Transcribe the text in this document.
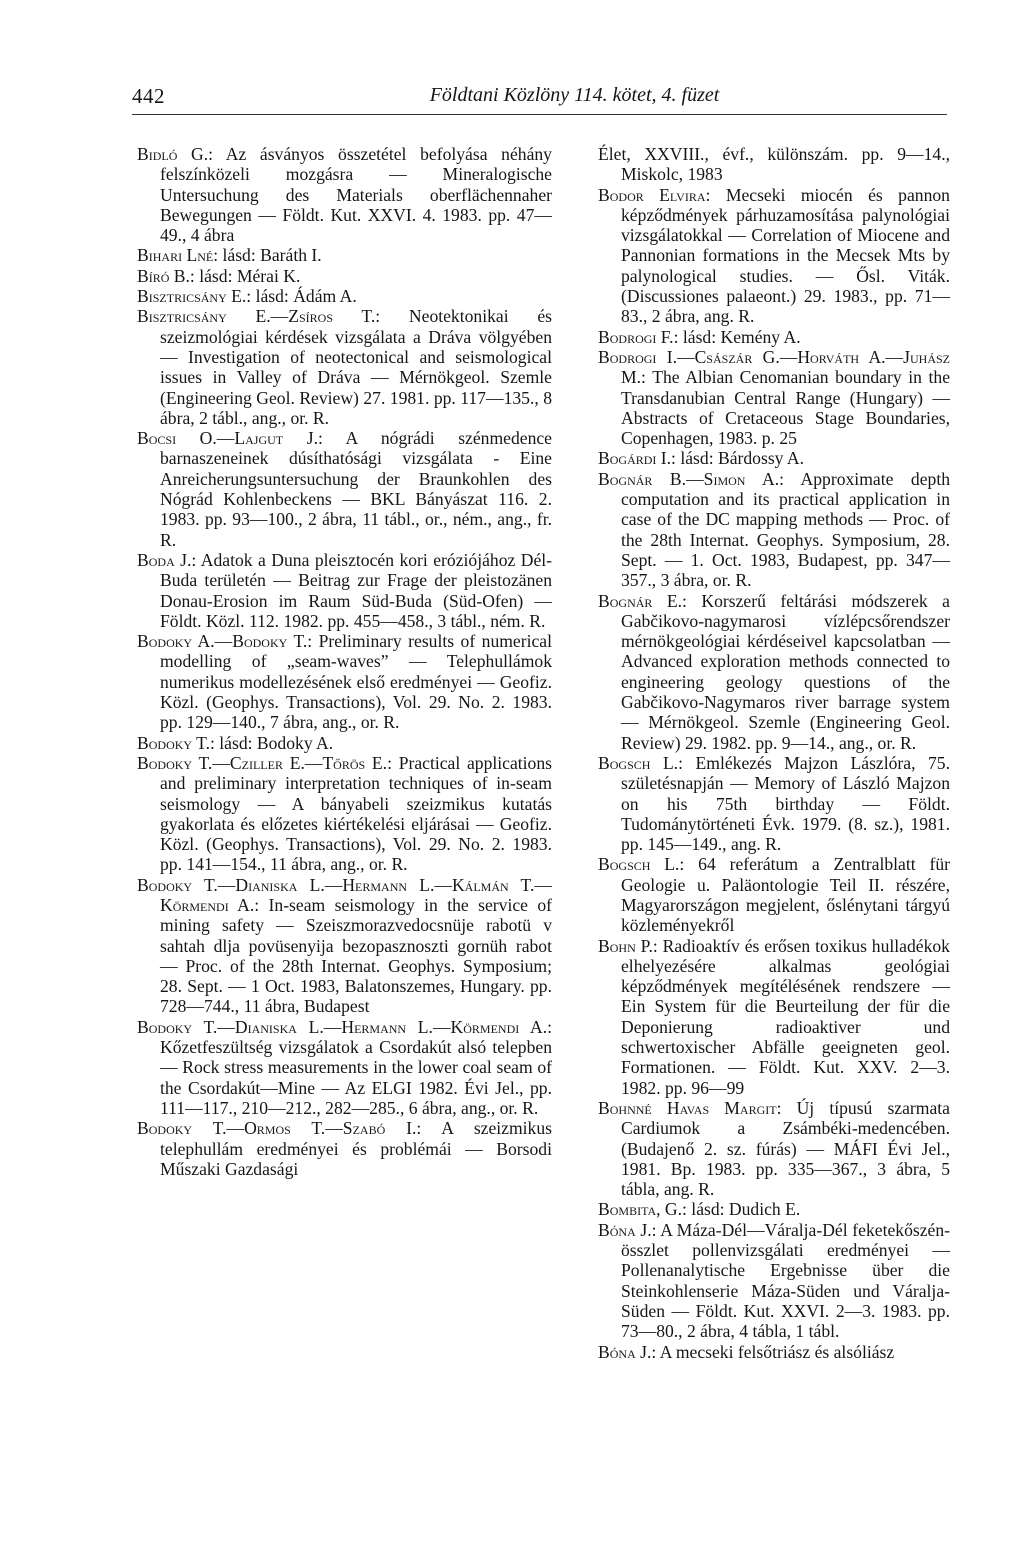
442	Földtani Közlöny 114. kötet, 4. füzet

Bidló G.: Az ásványos összetétel befolyása néhány felszínközeli mozgásra — Mineralogische Untersuchung des Materials oberflächennaher Bewegungen — Földt. Kut. XXVI. 4. 1983. pp. 47—49., 4 ábra

Bihari Lné: lásd: Baráth I.

Bíró B.: lásd: Mérai K.

Bisztricsány E.: lásd: Ádám A.

Bisztricsány E.—Zsíros T.: Neotektonikai és szeizmológiai kérdések vizsgálata a Dráva völgyében — Investigation of neotectonical and seismological issues in Valley of Dráva — Mérnökgeol. Szemle (Engineering Geol. Review) 27. 1981. pp. 117—135., 8 ábra, 2 tábl., ang., or. R.

Bocsi O.—Lajgut J.: A nógrádi szénmedence barnaszeneinek dúsíthatósági vizsgálata - Eine Anreicherungsuntersuchung der Braunkohlen des Nógrád Kohlenbeckens — BKL Bányászat 116. 2. 1983. pp. 93—100., 2 ábra, 11 tábl., or., ném., ang., fr. R.

Boda J.: Adatok a Duna pleisztocén kori eróziójához Dél-Buda területén — Beitrag zur Frage der pleistozänen Donau-Erosion im Raum Süd-Buda (Süd-Ofen) — Földt. Közl. 112. 1982. pp. 455—458., 3 tábl., ném. R.

Bodoky A.—Bodoky T.: Preliminary results of numerical modelling of „seam-waves” — Telephullámok numerikus modellezésének első eredményei — Geofiz. Közl. (Geophys. Transactions), Vol. 29. No. 2. 1983. pp. 129—140., 7 ábra, ang., or. R.

Bodoky T.: lásd: Bodoky A.

Bodoky T.—Cziller E.—Tőrös E.: Practical applications and preliminary interpretation techniques of in-seam seismology — A bányabeli szeizmikus kutatás gyakorlata és előzetes kiértékelési eljárásai — Geofiz. Közl. (Geophys. Transactions), Vol. 29. No. 2. 1983. pp. 141—154., 11 ábra, ang., or. R.

Bodoky T.—Dianiska L.—Hermann L.—Kálmán T.—Körmendi A.: In-seam seismology in the service of mining safety — Szeiszmorazvedocsnüje rabotü v sahtah dlja povüsenyija bezopasznoszti gornüh rabot — Proc. of the 28th Internat. Geophys. Symposium; 28. Sept. — 1 Oct. 1983, Balatonszemes, Hungary. pp. 728—744., 11 ábra, Budapest

Bodoky T.—Dianiska L.—Hermann L.—Körmendi A.: Kőzetfeszültség vizsgálatok a Csordakút alsó telepben — Rock stress measurements in the lower coal seam of the Csordakút—Mine — Az ELGI 1982. Évi Jel., pp. 111—117., 210—212., 282—285., 6 ábra, ang., or. R.

Bodoky T.—Ormos T.—Szabó I.: A szeizmikus telephullám eredményei és problémái — Borsodi Műszaki Gazdasági

Élet, XXVIII., évf., különszám. pp. 9—14., Miskolc, 1983

Bodor Elvira: Mecseki miocén és pannon képződmények párhuzamosítása palynológiai vizsgálatokkal — Correlation of Miocene and Pannonian formations in the Mecsek Mts by palynological studies. — Ősl. Viták. (Discussiones palaeont.) 29. 1983., pp. 71—83., 2 ábra, ang. R.

Bodrogi F.: lásd: Kemény A.

Bodrogi I.—Császár G.—Horváth A.—Juhász M.: The Albian Cenomanian boundary in the Transdanubian Central Range (Hungary) — Abstracts of Cretaceous Stage Boundaries, Copenhagen, 1983. p. 25

Bogárdi I.: lásd: Bárdossy A.

Bognár B.—Simon A.: Approximate depth computation and its practical application in case of the DC mapping methods — Proc. of the 28th Internat. Geophys. Symposium, 28. Sept. — 1. Oct. 1983, Budapest, pp. 347—357., 3 ábra, or. R.

Bognár E.: Korszerű feltárási módszerek a Gabčikovo-nagymarosi vízlépcsőrendszer mérnökgeológiai kérdéseivel kapcsolatban — Advanced exploration methods connected to engineering geology questions of the Gabčikovo-Nagymaros river barrage system — Mérnökgeol. Szemle (Engineering Geol. Review) 29. 1982. pp. 9—14., ang., or. R.

Bogsch L.: Emlékezés Majzon Lászlóra, 75. születésnapján — Memory of László Majzon on his 75th birthday — Földt. Tudománytörténeti Évk. 1979. (8. sz.), 1981. pp. 145—149., ang. R.

Bogsch L.: 64 referátum a Zentralblatt für Geologie u. Paläontologie Teil II. részére, Magyarországon megjelent, őslénytani tárgyú közleményekről

Bohn P.: Radioaktív és erősen toxikus hulladékok elhelyezésére alkalmas geológiai képződmények megítélésének rendszere — Ein System für die Beurteilung der für die Deponierung radioaktiver und schwertoxischer Abfälle geeigneten geol. Formationen. — Földt. Kut. XXV. 2—3. 1982. pp. 96—99

Bohnné Havas Margit: Új típusú szarmata Cardiumok a Zsámbéki-medencében. (Budajenő 2. sz. fúrás) — MÁFI Évi Jel., 1981. Bp. 1983. pp. 335—367., 3 ábra, 5 tábla, ang. R.

Bombita, G.: lásd: Dudich E.

Bóna J.: A Máza-Dél—Váralja-Dél feketekőszén-összlet pollenvizsgálati eredményei — Pollenanalytische Ergebnisse über die Steinkohlenserie Máza-Süden und Váralja-Süden — Földt. Kut. XXVI. 2—3. 1983. pp. 73—80., 2 ábra, 4 tábla, 1 tábl.

Bóna J.: A mecseki felsőtriász és alsóliász
